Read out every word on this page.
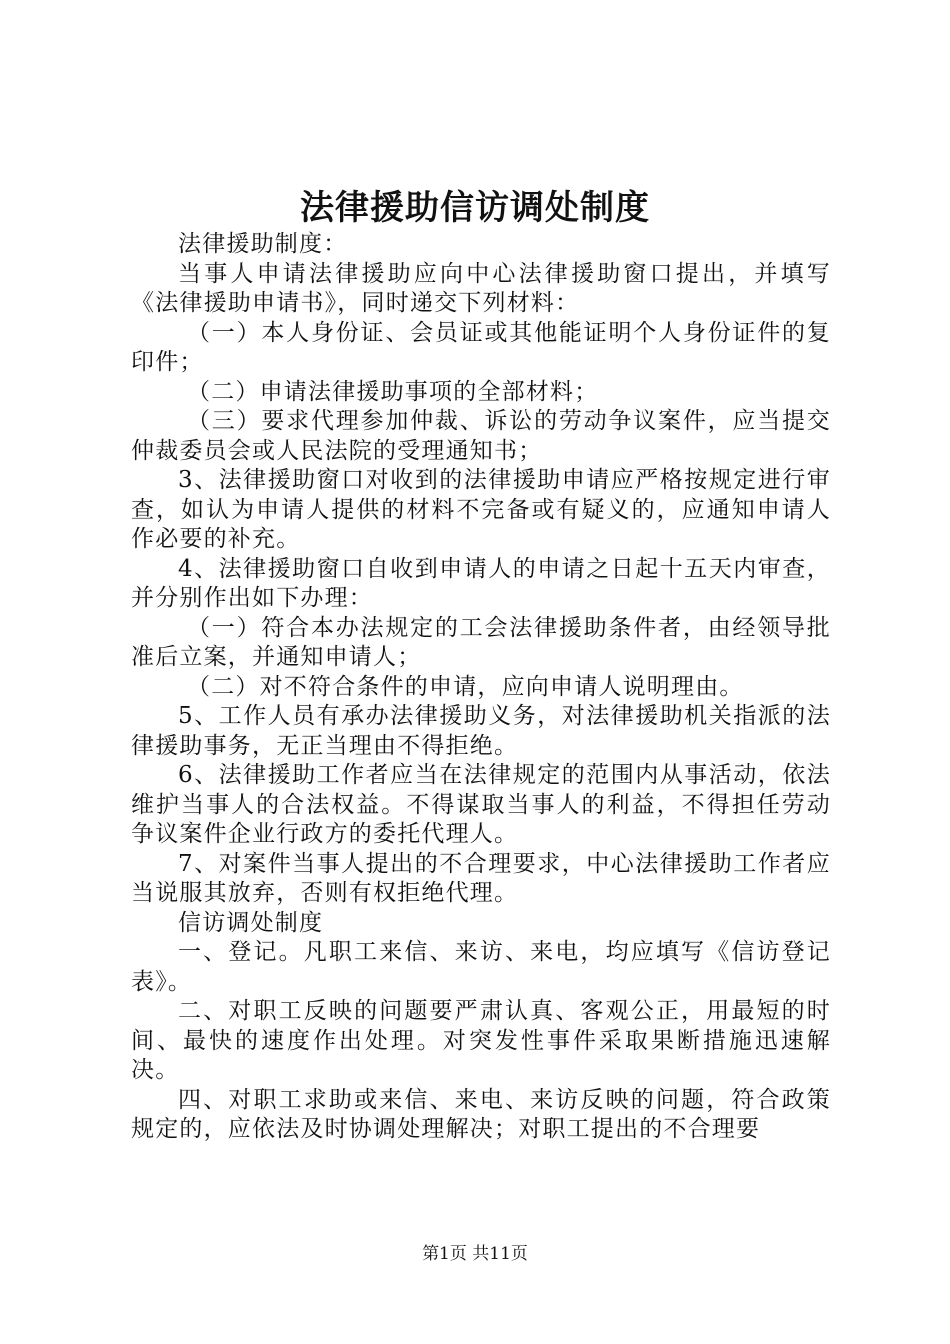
法律援助信访调处制度

法律援助制度：

当事人申请法律援助应向中心法律援助窗口提出，并填写《法律援助申请书》，同时递交下列材料：

（一）本人身份证、会员证或其他能证明个人身份证件的复印件；

（二）申请法律援助事项的全部材料；

（三）要求代理参加仲裁、诉讼的劳动争议案件，应当提交仲裁委员会或人民法院的受理通知书；

3、法律援助窗口对收到的法律援助申请应严格按规定进行审查，如认为申请人提供的材料不完备或有疑义的，应通知申请人作必要的补充。

4、法律援助窗口自收到申请人的申请之日起十五天内审查，并分别作出如下办理：

（一）符合本办法规定的工会法律援助条件者，由经领导批准后立案，并通知申请人；

（二）对不符合条件的申请，应向申请人说明理由。

5、工作人员有承办法律援助义务，对法律援助机关指派的法律援助事务，无正当理由不得拒绝。

6、法律援助工作者应当在法律规定的范围内从事活动，依法维护当事人的合法权益。不得谋取当事人的利益，不得担任劳动争议案件企业行政方的委托代理人。

7、对案件当事人提出的不合理要求，中心法律援助工作者应当说服其放弃，否则有权拒绝代理。

信访调处制度

一、登记。凡职工来信、来访、来电，均应填写《信访登记表》。

二、对职工反映的问题要严肃认真、客观公正，用最短的时间、最快的速度作出处理。对突发性事件采取果断措施迅速解决。

四、对职工求助或来信、来电、来访反映的问题，符合政策规定的，应依法及时协调处理解决；对职工提出的不合理要

第1页 共11页
